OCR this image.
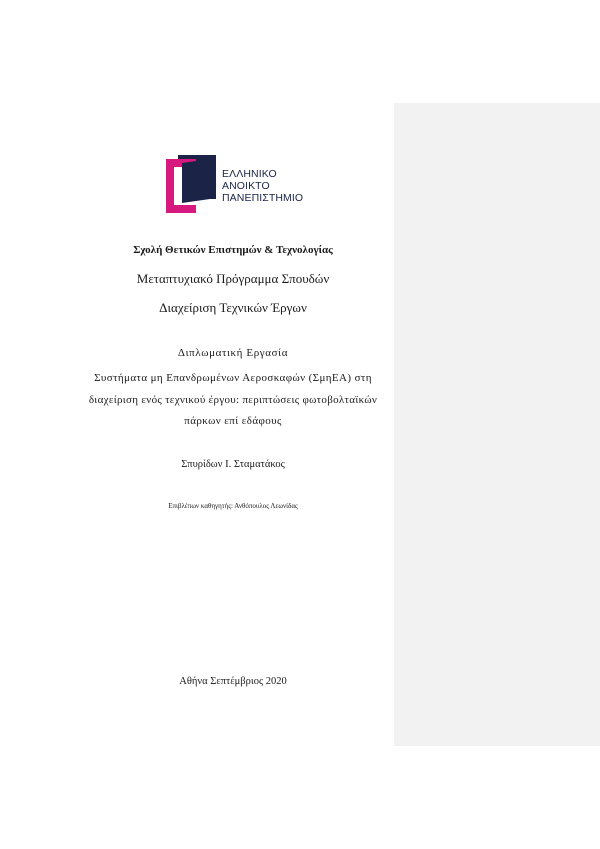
ΕΛΛΗΝΙΚΟ
ΑΝΟΙΚΤΟ
ΠΑΝΕΠΙΣΤΗΜΙΟ
Σχολή Θετικών Επιστημών & Τεχνολογίας
Μεταπτυχιακό Πρόγραμμα Σπουδών
Διαχείριση Τεχνικών Έργων
Διπλωματική Εργασία
Συστήματα μη Επανδρωμένων Αεροσκαφών (ΣμηΕΑ) στη
διαχείριση ενός τεχνικού έργου: περιπτώσεις φωτοβολταϊκών
πάρκων επί εδάφους
Σπυρίδων Ι. Σταματάκος
Επιβλέπων καθηγητής: Ανθόπουλος Λεωνίδας
Αθήνα Σεπτέμβριος 2020
